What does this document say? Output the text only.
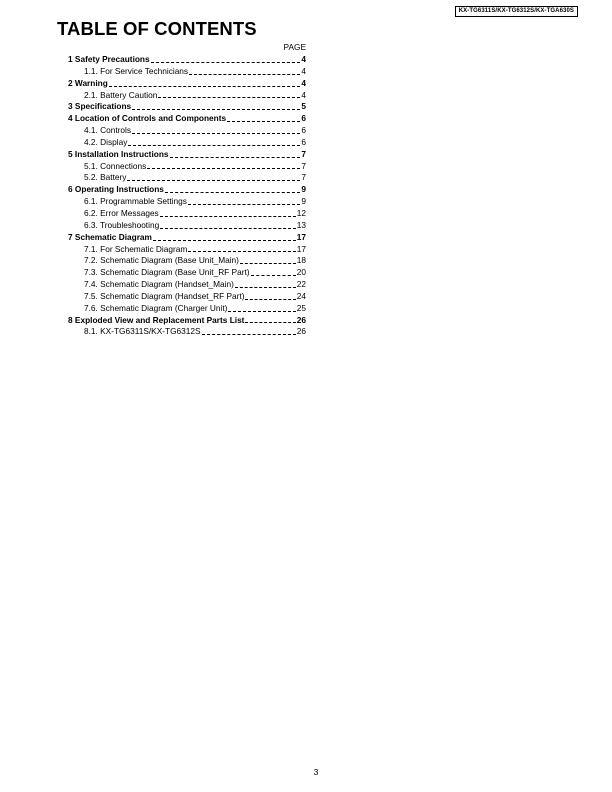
KX-TG6311S/KX-TG6312S/KX-TGA630S
TABLE OF CONTENTS
PAGE
1 Safety Precautions	4
1.1. For Service Technicians	4
2 Warning	4
2.1. Battery Caution	4
3 Specifications	5
4 Location of Controls and Components	6
4.1. Controls	6
4.2. Display	6
5 Installation Instructions	7
5.1. Connections	7
5.2. Battery	7
6 Operating Instructions	9
6.1. Programmable Settings	9
6.2. Error Messages	12
6.3. Troubleshooting	13
7 Schematic Diagram	17
7.1. For Schematic Diagram	17
7.2. Schematic Diagram (Base Unit_Main)	18
7.3. Schematic Diagram (Base Unit_RF Part)	20
7.4. Schematic Diagram (Handset_Main)	22
7.5. Schematic Diagram (Handset_RF Part)	24
7.6. Schematic Diagram (Charger Unit)	25
8 Exploded View and Replacement Parts List	26
8.1. KX-TG6311S/KX-TG6312S	26
3
